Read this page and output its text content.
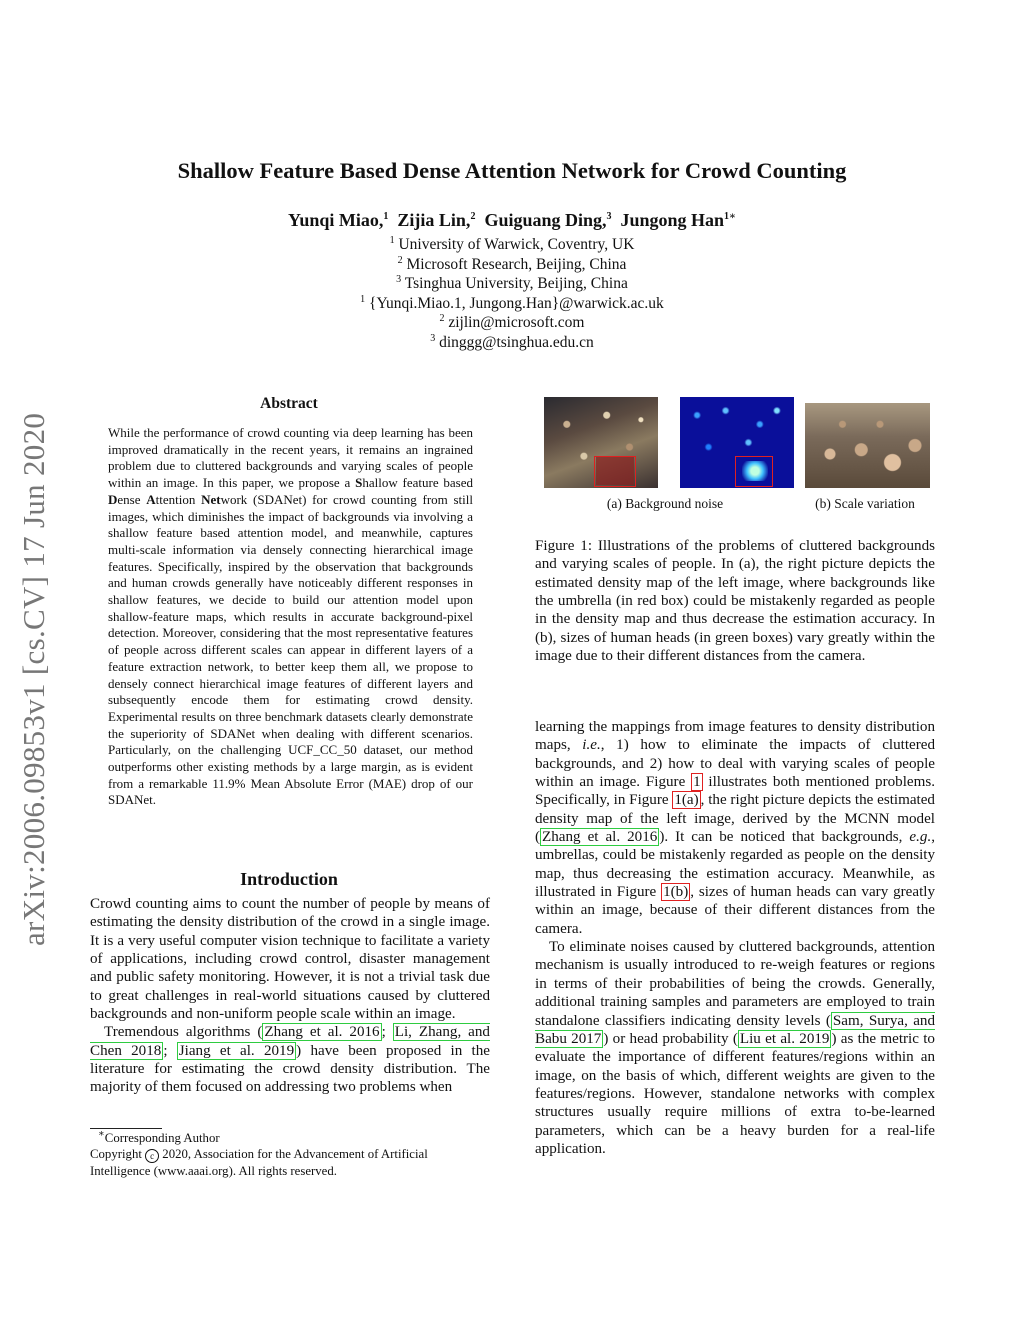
arXiv:2006.09853v1 [cs.CV] 17 Jun 2020
Shallow Feature Based Dense Attention Network for Crowd Counting
Yunqi Miao,$^1$ Zijia Lin,$^2$ Guiguang Ding,$^3$ Jungong Han$^{1∗}$
$^1$ University of Warwick, Coventry, UK
$^2$ Microsoft Research, Beijing, China
$^3$ Tsinghua University, Beijing, China
$^1$ {Yunqi.Miao.1, Jungong.Han}@warwick.ac.uk
$^2$ zijlin@microsoft.com
$^3$ dinggg@tsinghua.edu.cn
Abstract
While the performance of crowd counting via deep learning has been improved dramatically in the recent years, it remains an ingrained problem due to cluttered backgrounds and varying scales of people within an image. In this paper, we propose a Shallow feature based Dense Attention Network (SDANet) for crowd counting from still images, which diminishes the impact of backgrounds via involving a shallow feature based attention model, and meanwhile, captures multi-scale information via densely connecting hierarchical image features. Specifically, inspired by the observation that backgrounds and human crowds generally have noticeably different responses in shallow features, we decide to build our attention model upon shallow-feature maps, which results in accurate background-pixel detection. Moreover, considering that the most representative features of people across different scales can appear in different layers of a feature extraction network, to better keep them all, we propose to densely connect hierarchical image features of different layers and subsequently encode them for estimating crowd density. Experimental results on three benchmark datasets clearly demonstrate the superiority of SDANet when dealing with different scenarios. Particularly, on the challenging UCF_CC_50 dataset, our method outperforms other existing methods by a large margin, as is evident from a remarkable 11.9% Mean Absolute Error (MAE) drop of our SDANet.
Introduction

Crowd counting aims to count the number of people by means of estimating the density distribution of the crowd in a single image. It is a very useful computer vision technique to facilitate a variety of applications, including crowd control, disaster management and public safety monitoring. However, it is not a trivial task due to great challenges in real-world situations caused by cluttered backgrounds and non-uniform people scale within an image.

Tremendous algorithms ( Zhang et al. 2016 ; Li, Zhang, and Chen 2018 ; Jiang et al. 2019 ) have been proposed in the literature for estimating the crowd density distribution. The majority of them focused on addressing two problems when

∗Corresponding Author

Copyright c 2020, Association for the Advancement of Artificial

Intelligence (www.aaai.org). All rights reserved.

(a) Background noise	(b) Scale variation
Figure 1: Illustrations of the problems of cluttered backgrounds and varying scales of people. In (a), the right picture depicts the estimated density map of the left image, where backgrounds like the umbrella (in red box) could be mistakenly regarded as people in the density map and thus decrease the estimation accuracy. In (b), sizes of human heads (in green boxes) vary greatly within the image due to their different distances from the camera.

learning the mappings from image features to density distribution maps, i.e., 1) how to eliminate the impacts of cluttered backgrounds, and 2) how to deal with varying scales of people within an image. Figure 1 illustrates both mentioned problems. Specifically, in Figure 1(a) , the right picture depicts the estimated density map of the left image, derived by the MCNN model ( Zhang et al. 2016 ). It can be noticed that backgrounds, e.g., umbrellas, could be mistakenly regarded as people on the density map, thus decreasing the estimation accuracy. Meanwhile, as illustrated in Figure 1(b) , sizes of human heads can vary greatly within an image, because of their different distances from the camera.

To eliminate noises caused by cluttered backgrounds, attention mechanism is usually introduced to re-weigh features or regions in terms of their probabilities of being the crowds. Generally, additional training samples and parameters are employed to train standalone classifiers indicating density levels ( Sam, Surya, and Babu 2017 ) or head probability ( Liu et al. 2019 ) as the metric to evaluate the importance of different features/regions within an image, on the basis of which, different weights are given to the features/regions. However, standalone networks with complex structures usually require millions of extra to-be-learned parameters, which can be a heavy burden for a real-life application.
